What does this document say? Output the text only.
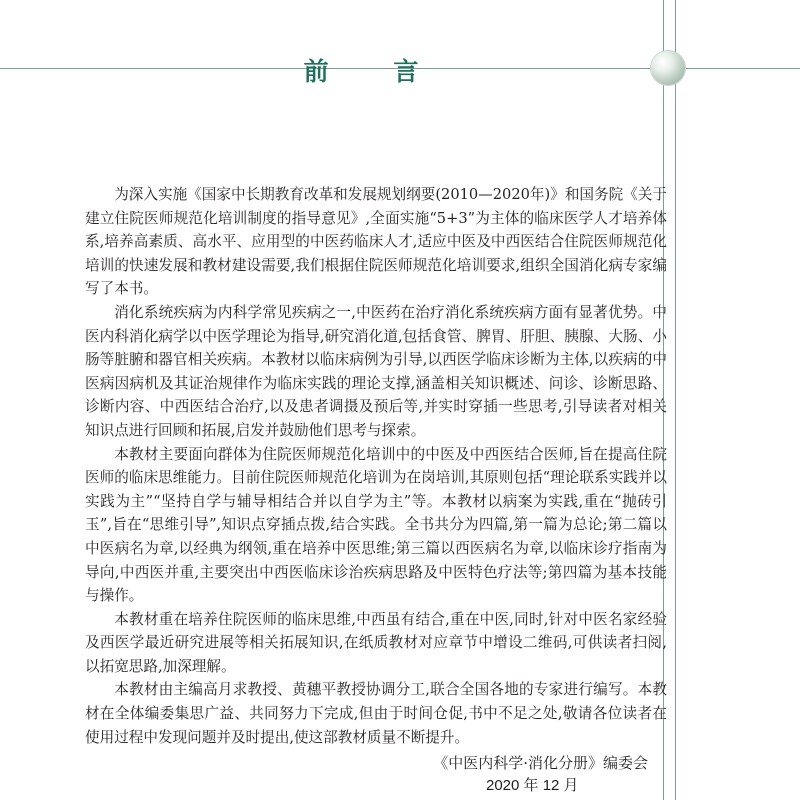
前 言

为深入实施《国家中长期教育改革和发展规划纲要(2010—2020年)》和国务院《关于建立住院医师规范化培训制度的指导意见》,全面实施“5+3”为主体的临床医学人才培养体系,培养高素质、高水平、应用型的中医药临床人才,适应中医及中西医结合住院医师规范化培训的快速发展和教材建设需要,我们根据住院医师规范化培训要求,组织全国消化病专家编写了本书。

消化系统疾病为内科学常见疾病之一,中医药在治疗消化系统疾病方面有显著优势。中医内科消化病学以中医学理论为指导,研究消化道,包括食管、脾胃、肝胆、胰腺、大肠、小肠等脏腑和器官相关疾病。本教材以临床病例为引导,以西医学临床诊断为主体,以疾病的中医病因病机及其证治规律作为临床实践的理论支撑,涵盖相关知识概述、问诊、诊断思路、诊断内容、中西医结合治疗,以及患者调摄及预后等,并实时穿插一些思考,引导读者对相关知识点进行回顾和拓展,启发并鼓励他们思考与探索。

本教材主要面向群体为住院医师规范化培训中的中医及中西医结合医师,旨在提高住院医师的临床思维能力。目前住院医师规范化培训为在岗培训,其原则包括“理论联系实践并以实践为主”“坚持自学与辅导相结合并以自学为主”等。本教材以病案为实践,重在“抛砖引玉”,旨在“思维引导”,知识点穿插点拨,结合实践。全书共分为四篇,第一篇为总论;第二篇以中医病名为章,以经典为纲领,重在培养中医思维;第三篇以西医病名为章,以临床诊疗指南为导向,中西医并重,主要突出中西医临床诊治疾病思路及中医特色疗法等;第四篇为基本技能与操作。

本教材重在培养住院医师的临床思维,中西虽有结合,重在中医,同时,针对中医名家经验及西医学最近研究进展等相关拓展知识,在纸质教材对应章节中增设二维码,可供读者扫阅,以拓宽思路,加深理解。

本教材由主编高月求教授、黄穗平教授协调分工,联合全国各地的专家进行编写。本教材在全体编委集思广益、共同努力下完成,但由于时间仓促,书中不足之处,敬请各位读者在使用过程中发现问题并及时提出,使这部教材质量不断提升。

《中医内科学·消化分册》编委会
2020 年 12 月
